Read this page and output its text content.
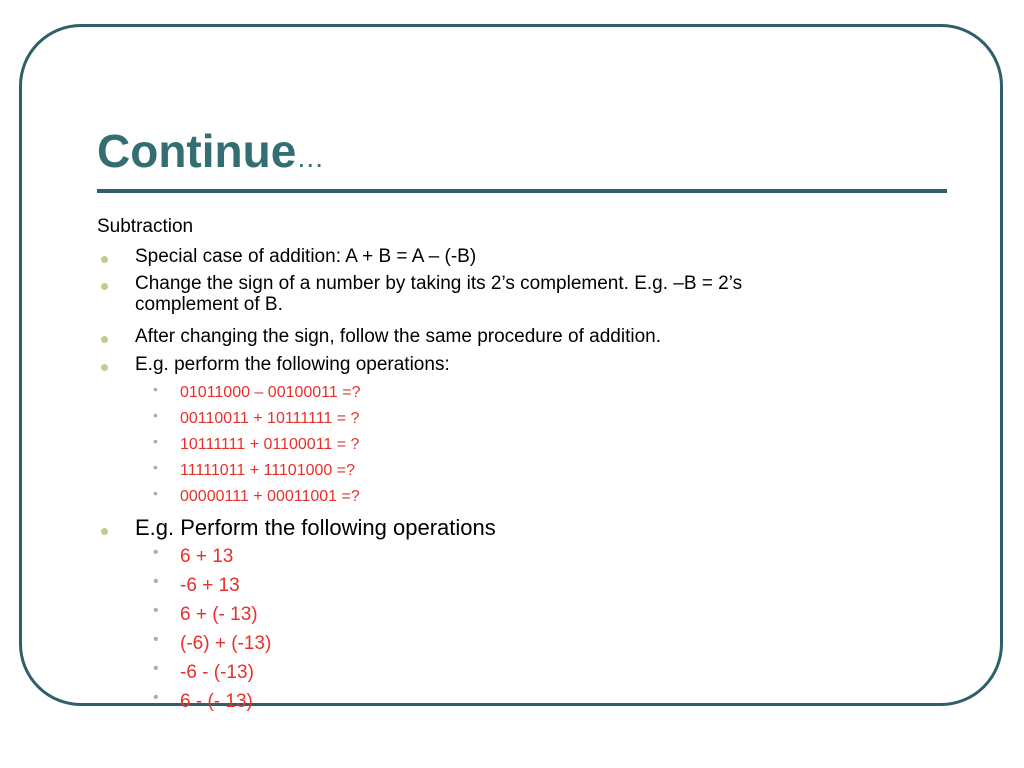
Continue…
Subtraction
Special case of addition: A + B = A – (-B)
Change the sign of a number by taking its 2’s complement. E.g. –B = 2’s
complement of B.
After changing the sign, follow the same procedure of addition.
E.g. perform the following operations:
• 01011000 – 00100011 =?
• 00110011 + 10111111 = ?
• 10111111 + 01100011 = ?
• 11111011 + 11101000 =?
• 00000111 + 00011001 =?
E.g. Perform the following operations
• 6 + 13
• -6 + 13
• 6 + (- 13)
• (-6) + (-13)
• -6 - (-13)
• 6 - (- 13)
